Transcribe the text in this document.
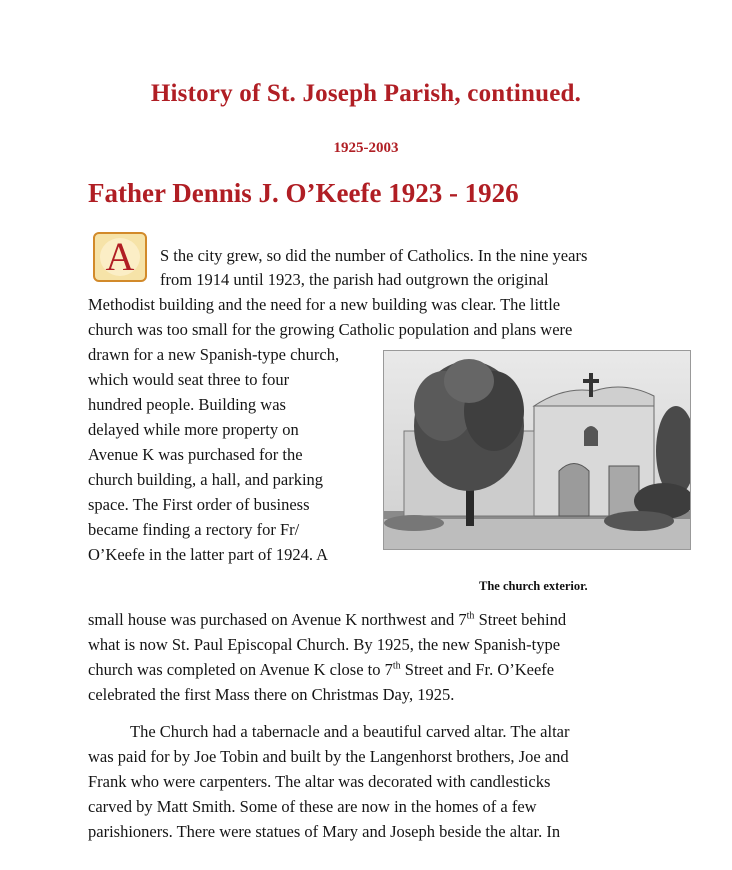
History of St. Joseph Parish, continued.
1925-2003
Father Dennis J. O’Keefe 1923 - 1926
A	S the city grew, so did the number of Catholics. In the nine years
from 1914 until 1923, the parish had outgrown the original
Methodist building and the need for a new building was clear. The little
church was too small for the growing Catholic population and plans were
drawn for a new Spanish-type church,
which would seat three to four
hundred people. Building was
delayed while more property on
Avenue K was purchased for the
church building, a hall, and parking
space. The First order of business
became finding a rectory for Fr/
O’Keefe in the latter part of 1924. A
The church exterior.
small house was purchased on Avenue K northwest and 7th Street behind
what is now St. Paul Episcopal Church. By 1925, the new Spanish-type
church was completed on Avenue K close to 7th Street and Fr. O’Keefe
celebrated the first Mass there on Christmas Day, 1925.
The Church had a tabernacle and a beautiful carved altar. The altar
was paid for by Joe Tobin and built by the Langenhorst brothers, Joe and
Frank who were carpenters. The altar was decorated with candlesticks
carved by Matt Smith. Some of these are now in the homes of a few
parishioners. There were statues of Mary and Joseph beside the altar. In
